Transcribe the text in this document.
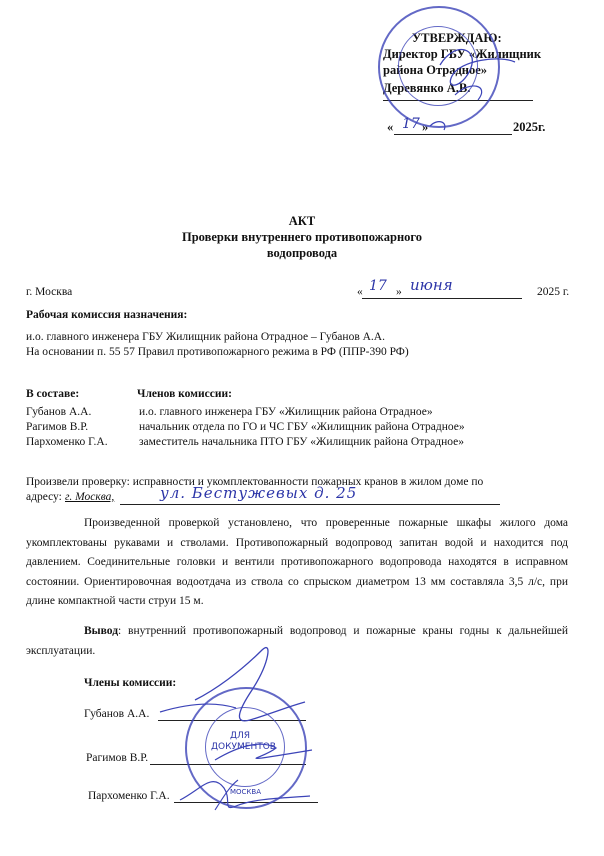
УТВЕРЖДАЮ:
Директор ГБУ «Жилищник
района Отрадное»
Деревянко А.В.
« 17 »	2025г.
АКТ
Проверки внутреннего противопожарного
водопровода
г. Москва	« 17 » июня	2025 г.
Рабочая комиссия назначения:
и.о. главного инженера ГБУ Жилищник района Отрадное – Губанов А.А.
На основании п. 55 57 Правил противопожарного режима в РФ (ППР-390 РФ)
В составе:	Членов комиссии:
Губанов А.А.	и.о. главного инженера ГБУ «Жилищник района Отрадное»
Рагимов В.Р.	начальник отдела по ГО и ЧС ГБУ «Жилищник района Отрадное»
Пархоменко Г.А.	заместитель начальника ПТО ГБУ «Жилищник района Отрадное»
Произвели проверку: исправности и укомплектованности пожарных кранов в жилом доме по
адресу: г. Москва,	ул. Бестужевых д. 25
Произведенной проверкой установлено, что проверенные пожарные шкафы жилого дома укомплектованы рукавами и стволами. Противопожарный водопровод запитан водой и находится под давлением. Соединительные головки и вентили противопожарного водопровода находятся в исправном состоянии. Ориентировочная водоотдача из ствола со спрыском диаметром 13 мм составляла 3,5 л/с, при длине компактной части струи 15 м.
Вывод: внутренний противопожарный водопровод и пожарные краны годны к дальнейшей эксплуатации.
Члены комиссии:
Губанов А.А.
Рагимов В.Р.
Пархоменко Г.А.
ДЛЯ
ДОКУМЕНТОВ
МОСКВА
